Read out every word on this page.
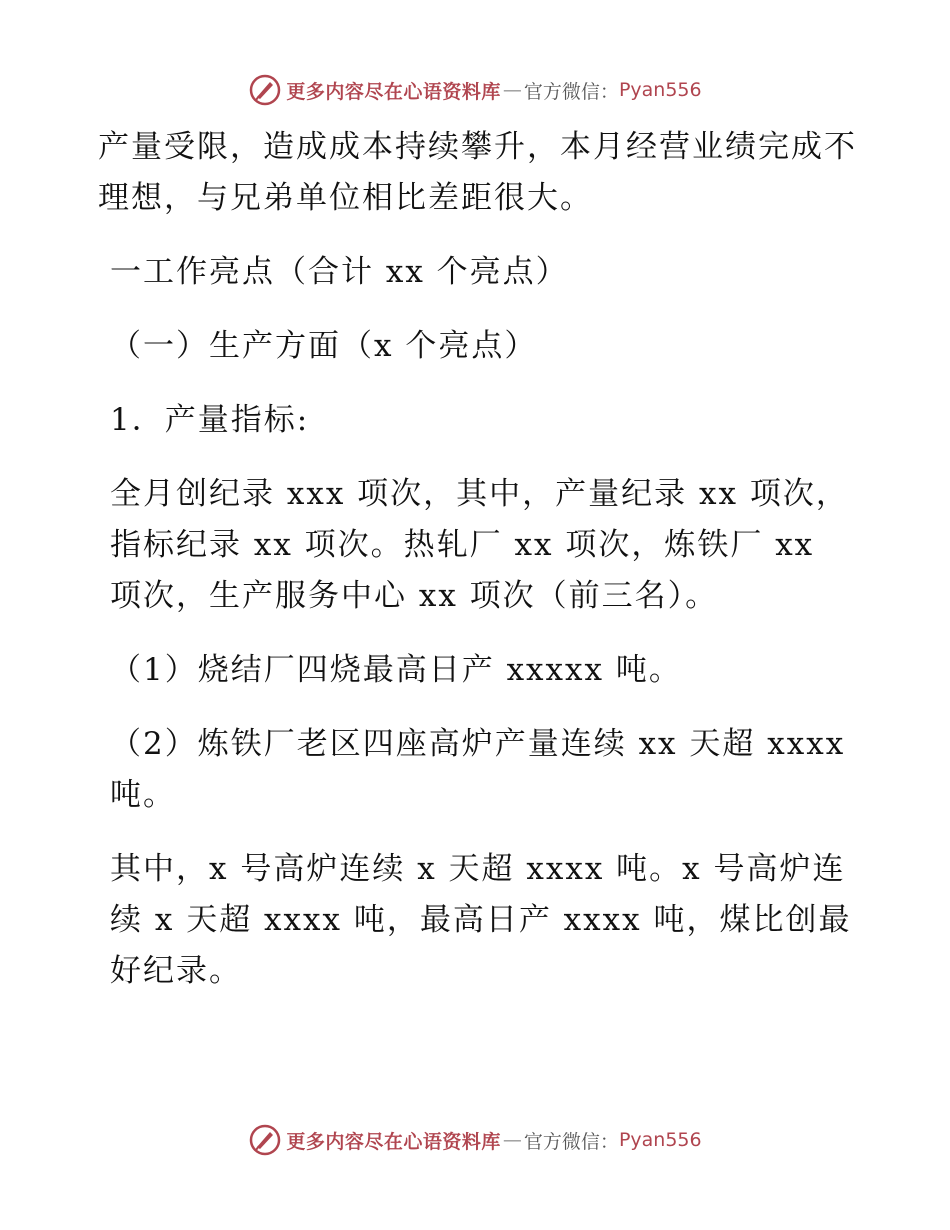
更多内容尽在心语资料库 — 官方微信： Pyan556

产量受限，造成成本持续攀升，本月经营业绩完成不理想，与兄弟单位相比差距很大。

一工作亮点（合计 xx 个亮点）

（一）生产方面（x 个亮点）

1．产量指标:

全月创纪录 xxx 项次，其中，产量纪录 xx 项次，指标纪录 xx 项次。热轧厂 xx 项次，炼铁厂 xx 项次，生产服务中心 xx 项次（前三名）。

（1）烧结厂四烧最高日产 xxxxx 吨。

（2）炼铁厂老区四座高炉产量连续 xx 天超 xxxx 吨。

其中，x 号高炉连续 x 天超 xxxx 吨。x 号高炉连续 x 天超 xxxx 吨，最高日产 xxxx 吨，煤比创最好纪录。

更多内容尽在心语资料库 — 官方微信： Pyan556
